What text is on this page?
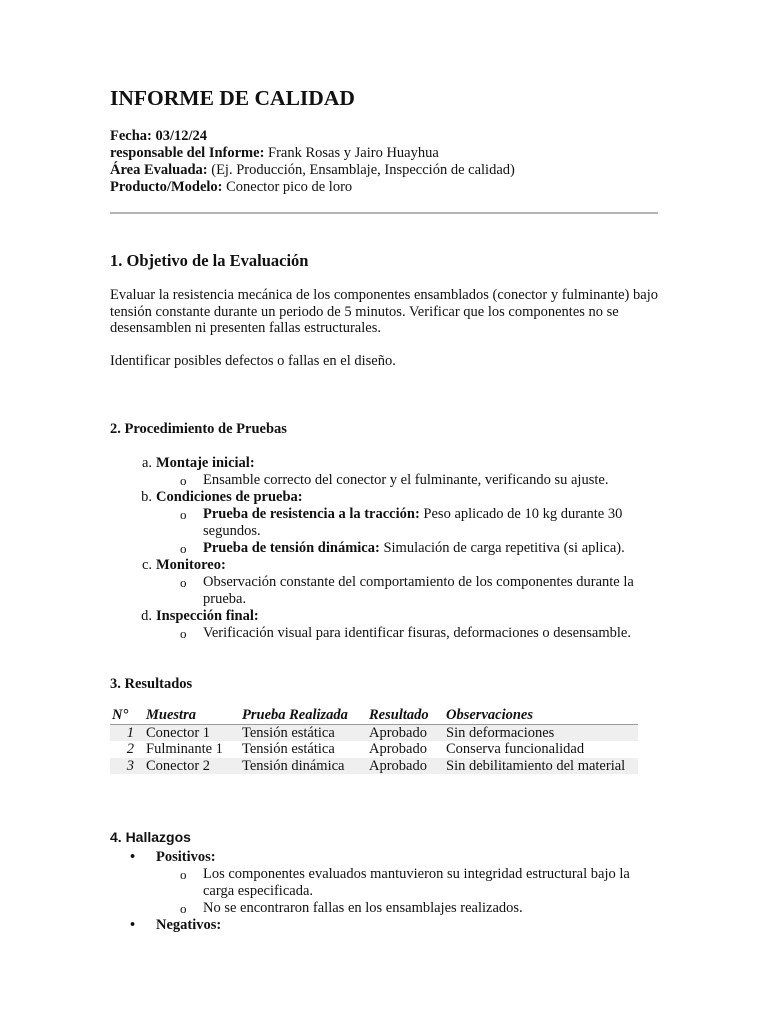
INFORME DE CALIDAD
Fecha: 03/12/24
responsable del Informe: Frank Rosas y Jairo Huayhua
Área Evaluada: (Ej. Producción, Ensamblaje, Inspección de calidad)
Producto/Modelo: Conector pico de loro
1. Objetivo de la Evaluación
Evaluar la resistencia mecánica de los componentes ensamblados (conector y fulminante) bajo tensión constante durante un periodo de 5 minutos. Verificar que los componentes no se desensamblen ni presenten fallas estructurales.
Identificar posibles defectos o fallas en el diseño.
2. Procedimiento de Pruebas
a. Montaje inicial:
o Ensamble correcto del conector y el fulminante, verificando su ajuste.
b. Condiciones de prueba:
o Prueba de resistencia a la tracción: Peso aplicado de 10 kg durante 30 segundos.
o Prueba de tensión dinámica: Simulación de carga repetitiva (si aplica).
c. Monitoreo:
o Observación constante del comportamiento de los componentes durante la prueba.
d. Inspección final:
o Verificación visual para identificar fisuras, deformaciones o desensamble.
3. Resultados
N°	Muestra	Prueba Realizada	Resultado	Observaciones
1	Conector 1	Tensión estática	Aprobado	Sin deformaciones
2	Fulminante 1	Tensión estática	Aprobado	Conserva funcionalidad
3	Conector 2	Tensión dinámica	Aprobado	Sin debilitamiento del material
4. Hallazgos
• Positivos:
o Los componentes evaluados mantuvieron su integridad estructural bajo la carga especificada.
o No se encontraron fallas en los ensamblajes realizados.
• Negativos:
